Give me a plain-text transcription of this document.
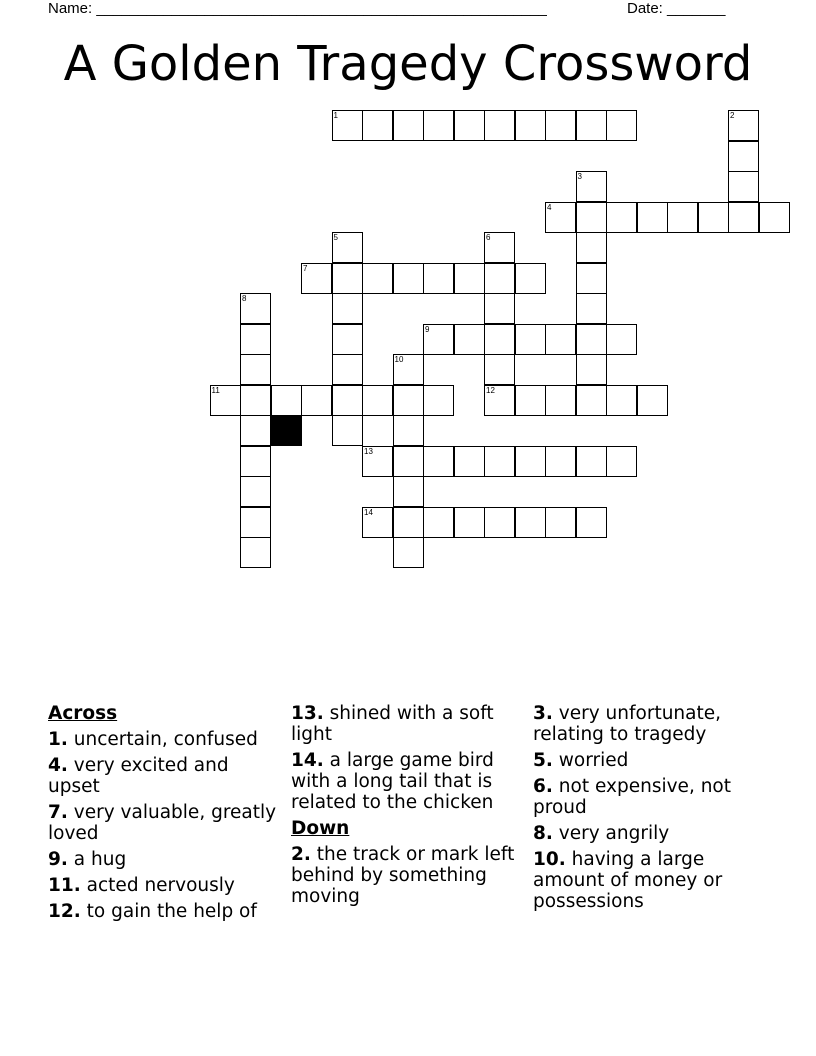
Name: ______________________________________________________	Date: _______
A Golden Tragedy Crossword
1	2
3
4
5	6
7
8
9
10
11	12
13
14
Across
1. uncertain, confused
4. very excited and upset
7. very valuable, greatly loved
9. a hug
11. acted nervously
12. to gain the help of
13. shined with a soft light
14. a large game bird with a long tail that is related to the chicken
Down
2. the track or mark left behind by something moving
3. very unfortunate, relating to tragedy
5. worried
6. not expensive, not proud
8. very angrily
10. having a large amount of money or possessions
